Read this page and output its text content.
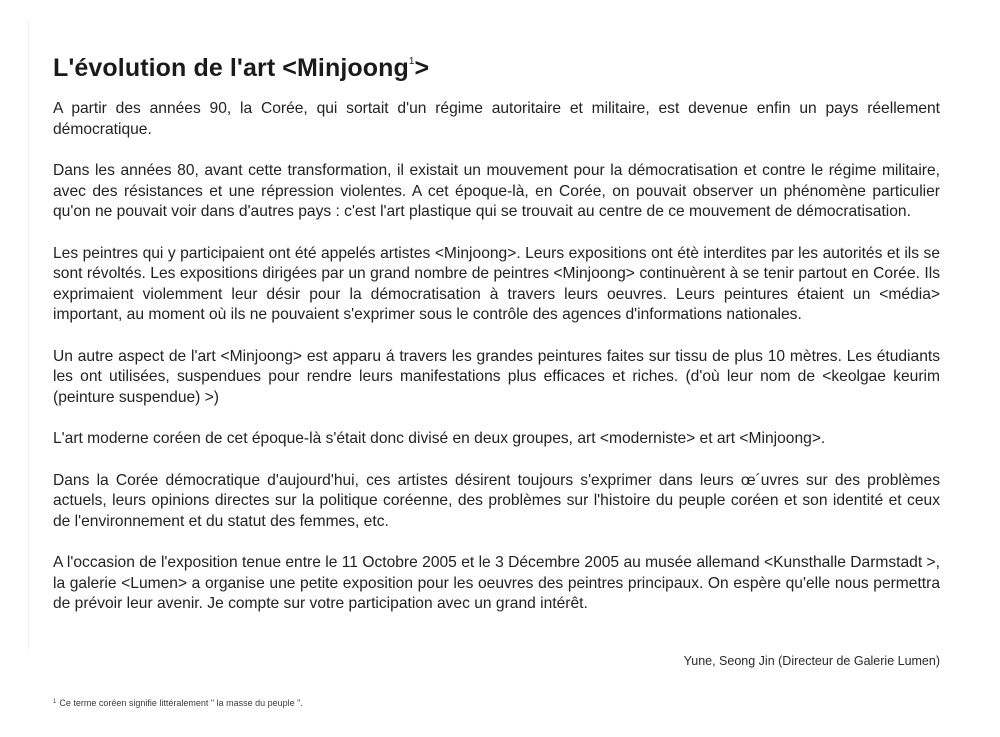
L'évolution de l'art <Minjoong$^1$>

A partir des années 90, la Corée, qui sortait d'un régime autoritaire et militaire, est devenue enfin un pays réellement démocratique.

Dans les années 80, avant cette transformation, il existait un mouvement pour la démocratisation et contre le régime militaire, avec des résistances et une répression violentes. A cet époque-là, en Corée, on pouvait observer un phénomène particulier qu'on ne pouvait voir dans d'autres pays : c'est l'art plastique qui se trouvait au centre de ce mouvement de démocratisation.

Les peintres qui y participaient ont été appelés artistes <Minjoong>. Leurs expositions ont étè interdites par les autorités et ils se sont révoltés. Les expositions dirigées par un grand nombre de peintres <Minjoong> continuèrent à se tenir partout en Corée. Ils exprimaient violemment leur désir pour la démocratisation à travers leurs oeuvres. Leurs peintures étaient un <média> important, au moment où ils ne pouvaient s'exprimer sous le contrôle des agences d'informations nationales.

Un autre aspect de l'art <Minjoong> est apparu á travers les grandes peintures faites sur tissu de plus 10 mètres. Les étudiants les ont utilisées, suspendues pour rendre leurs manifestations plus efficaces et riches. (d'où leur nom de <keolgae keurim (peinture suspendue) >)

L'art moderne coréen de cet époque-là s'était donc divisé en deux groupes, art <moderniste> et art <Minjoong>.

Dans la Corée démocratique d'aujourd'hui, ces artistes désirent toujours s'exprimer dans leurs œ´uvres sur des problèmes actuels, leurs opinions directes sur la politique coréenne, des problèmes sur l'histoire du peuple coréen et son identité et ceux de l'environnement et du statut des femmes, etc.

A l'occasion de l'exposition tenue entre le 11 Octobre 2005 et le 3 Décembre 2005 au musée allemand <Kunsthalle Darmstadt >, la galerie <Lumen> a organise une petite exposition pour les oeuvres des peintres principaux. On espère qu'elle nous permettra de prévoir leur avenir. Je compte sur votre participation avec un grand intérêt.

Yune, Seong Jin (Directeur de Galerie Lumen)
$^1$ Ce terme coréen signifie littéralement " la masse du peuple ".
